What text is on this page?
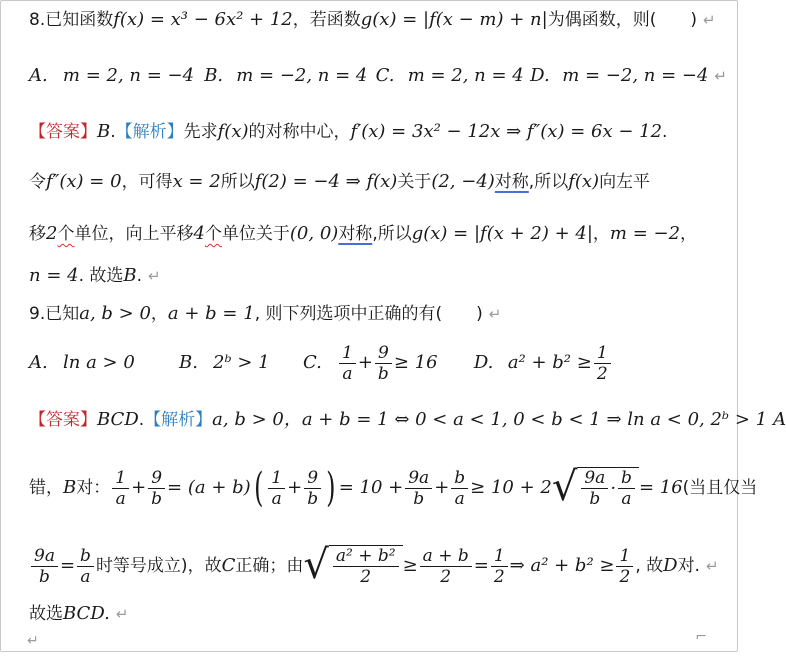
8. 已知函数 f(x) = x³ − 6x² + 12 ，若函数 g(x) = |f(x − m) + n| 为偶函数，则(　　) ↵
A. m = 2, n = −4 B. m = −2, n = 4 C. m = 2, n = 4 D. m = −2, n = −4 ↵
【答案】 B . 【解析】 先求 f(x) 的对称中心， f′(x) = 3x² − 12x ⇒ f″(x) = 6x − 12 .
令 f″(x) = 0 ，可得 x = 2 所以 f(2) = −4 ⇒ f(x) 关于 (2, −4) 对称 , 所以 f(x) 向左平
移 2 个 单位，向上平移 4 个 单位关于 (0, 0) 对称 , 所以 g(x) = |f(x + 2) + 4| ， m = −2 ，
n = 4 . 故选 B . ↵
9. 已知 a, b > 0 ， a + b = 1 , 则下列选项中正确的有(　　) ↵
A. ln a > 0	B. 2ᵇ > 1	C.	$\frac{1}{a} + \frac{9}{b} \ge 16$	D. $a^2 + b^2 \ge \frac{1}{2}$
【答案】 BCD . 【解析】 a, b > 0，a + b = 1 ⇔ 0 < a < 1, 0 < b < 1 ⇒ ln a < 0, 2ᵇ > 1 A
错， B 对： $\frac{1}{a} + \frac{9}{b} = (a + b)$ ( $\frac{1}{a} + \frac{9}{b}$ ) = $10 + \frac{9a}{b} + \frac{b}{a} \ge 10 + 2$ √ $\frac{9a}{b} \cdot \frac{b}{a} = 16$ (当且仅当
$\frac{9a}{b} = \frac{b}{a}$ 时等号成立)，故 C 正确；由 √ $\frac{\text{a² + b²}}{2} \ge \frac{a + b}{2} = \frac{1}{2}$ ⇒ $a^2 + b^2 \ge \frac{1}{2}$ , 故 D 对. ↵
故选 BCD. ↵
↵	⌐
